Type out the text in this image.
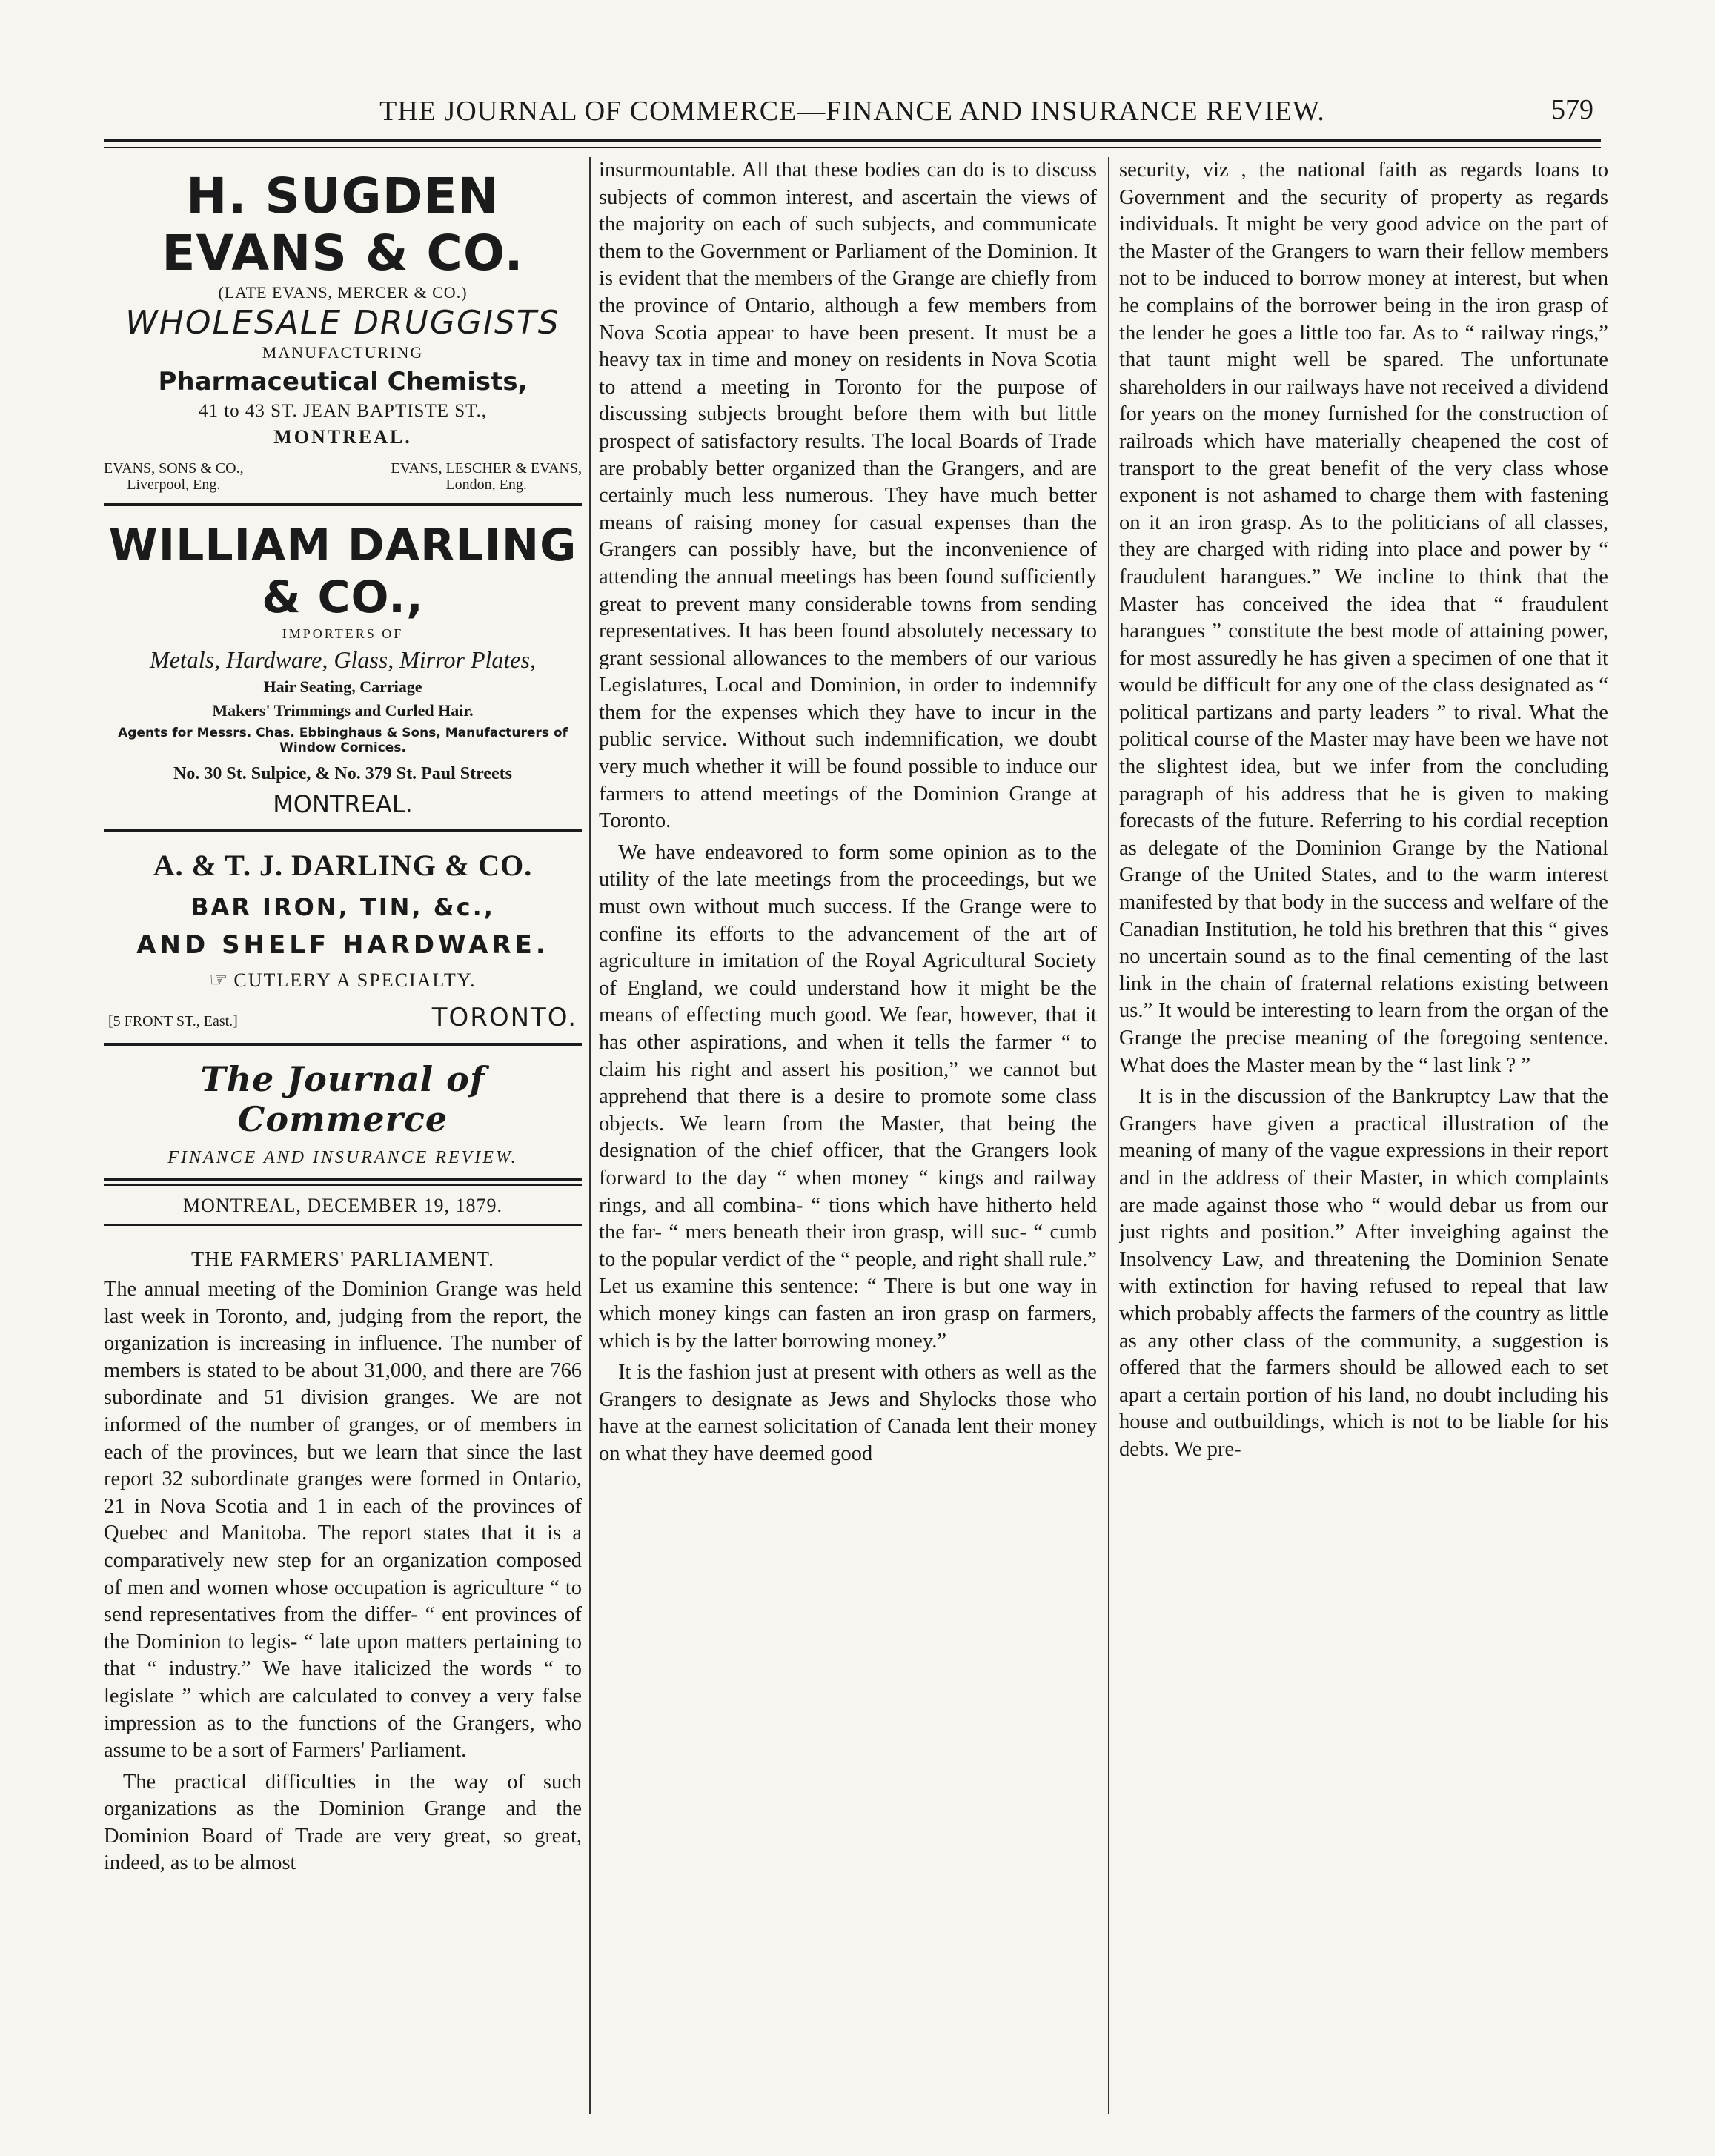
THE JOURNAL OF COMMERCE—FINANCE AND INSURANCE REVIEW.	579
H. SUGDEN EVANS & CO.
(LATE EVANS, MERCER & CO.)
WHOLESALE DRUGGISTS
MANUFACTURING
Pharmaceutical Chemists,
41 to 43 ST. JEAN BAPTISTE ST.,
MONTREAL.
EVANS, SONS & CO.,
Liverpool, Eng.
EVANS, LESCHER & EVANS,
London, Eng.
WILLIAM DARLING & CO.,
IMPORTERS OF
Metals, Hardware, Glass, Mirror Plates,
Hair Seating, Carriage
Makers' Trimmings and Curled Hair.
Agents for Messrs. Chas. Ebbinghaus & Sons, Manufacturers of Window Cornices.
No. 30 St. Sulpice, & No. 379 St. Paul Streets
MONTREAL.
A. & T. J. DARLING & CO.
BAR IRON, TIN, &c.,
AND SHELF HARDWARE.
☞ CUTLERY A SPECIALTY.
[5 FRONT ST., East.]	TORONTO.
The Journal of Commerce
FINANCE AND INSURANCE REVIEW.
MONTREAL, DECEMBER 19, 1879.
THE FARMERS' PARLIAMENT.

The annual meeting of the Dominion Grange was held last week in Toronto, and, judging from the report, the organization is increasing in influence. The number of members is stated to be about 31,000, and there are 766 subordinate and 51 division granges. We are not informed of the number of granges, or of members in each of the provinces, but we learn that since the last report 32 subordinate granges were formed in Ontario, 21 in Nova Scotia and 1 in each of the provinces of Quebec and Manitoba. The report states that it is a comparatively new step for an organization composed of men and women whose occupation is agriculture “ to send representatives from the differ- “ ent provinces of the Dominion to legis- “ late upon matters pertaining to that “ industry.” We have italicized the words “ to legislate ” which are calculated to convey a very false impression as to the functions of the Grangers, who assume to be a sort of Farmers' Parliament.

The practical difficulties in the way of such organizations as the Dominion Grange and the Dominion Board of Trade are very great, so great, indeed, as to be almost

insurmountable. All that these bodies can do is to discuss subjects of common interest, and ascertain the views of the majority on each of such subjects, and communicate them to the Government or Parliament of the Dominion. It is evident that the members of the Grange are chiefly from the province of Ontario, although a few members from Nova Scotia appear to have been present. It must be a heavy tax in time and money on residents in Nova Scotia to attend a meeting in Toronto for the purpose of discussing subjects brought before them with but little prospect of satisfactory results. The local Boards of Trade are probably better organized than the Grangers, and are certainly much less numerous. They have much better means of raising money for casual expenses than the Grangers can possibly have, but the inconvenience of attending the annual meetings has been found sufficiently great to prevent many considerable towns from sending representatives. It has been found absolutely necessary to grant sessional allowances to the members of our various Legislatures, Local and Dominion, in order to indemnify them for the expenses which they have to incur in the public service. Without such indemnification, we doubt very much whether it will be found possible to induce our farmers to attend meetings of the Dominion Grange at Toronto.

We have endeavored to form some opinion as to the utility of the late meetings from the proceedings, but we must own without much success. If the Grange were to confine its efforts to the advancement of the art of agriculture in imitation of the Royal Agricultural Society of England, we could understand how it might be the means of effecting much good. We fear, however, that it has other aspirations, and when it tells the farmer “ to claim his right and assert his position,” we cannot but apprehend that there is a desire to promote some class objects. We learn from the Master, that being the designation of the chief officer, that the Grangers look forward to the day “ when money “ kings and railway rings, and all combina- “ tions which have hitherto held the far- “ mers beneath their iron grasp, will suc- “ cumb to the popular verdict of the “ people, and right shall rule.” Let us examine this sentence: “ There is but one way in which money kings can fasten an iron grasp on farmers, which is by the latter borrowing money.”

It is the fashion just at present with others as well as the Grangers to designate as Jews and Shylocks those who have at the earnest solicitation of Canada lent their money on what they have deemed good

security, viz , the national faith as regards loans to Government and the security of property as regards individuals. It might be very good advice on the part of the Master of the Grangers to warn their fellow members not to be induced to borrow money at interest, but when he complains of the borrower being in the iron grasp of the lender he goes a little too far. As to “ railway rings,” that taunt might well be spared. The unfortunate shareholders in our railways have not received a dividend for years on the money furnished for the construction of railroads which have materially cheapened the cost of transport to the great benefit of the very class whose exponent is not ashamed to charge them with fastening on it an iron grasp. As to the politicians of all classes, they are charged with riding into place and power by “ fraudulent harangues.” We incline to think that the Master has conceived the idea that “ fraudulent harangues ” constitute the best mode of attaining power, for most assuredly he has given a specimen of one that it would be difficult for any one of the class designated as “ political partizans and party leaders ” to rival. What the political course of the Master may have been we have not the slightest idea, but we infer from the concluding paragraph of his address that he is given to making forecasts of the future. Referring to his cordial reception as delegate of the Dominion Grange by the National Grange of the United States, and to the warm interest manifested by that body in the success and welfare of the Canadian Institution, he told his brethren that this “ gives no uncertain sound as to the final cementing of the last link in the chain of fraternal relations existing between us.” It would be interesting to learn from the organ of the Grange the precise meaning of the foregoing sentence. What does the Master mean by the “ last link ? ”

It is in the discussion of the Bankruptcy Law that the Grangers have given a practical illustration of the meaning of many of the vague expressions in their report and in the address of their Master, in which complaints are made against those who “ would debar us from our just rights and position.” After inveighing against the Insolvency Law, and threatening the Dominion Senate with extinction for having refused to repeal that law which probably affects the farmers of the country as little as any other class of the community, a suggestion is offered that the farmers should be allowed each to set apart a certain portion of his land, no doubt including his house and outbuildings, which is not to be liable for his debts. We pre-
